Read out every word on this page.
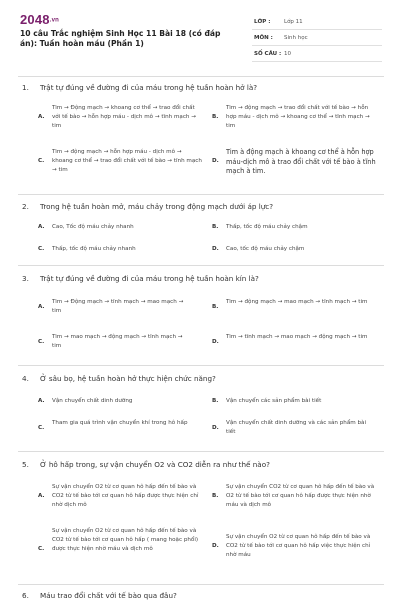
2048.vn
10 câu Trắc nghiệm Sinh Học 11 Bài 18 (có đáp án): Tuần hoàn máu (Phần 1)
LỚP : Lớp 11
MÔN : Sinh học
SỐ CÂU : 10
1. Trật tự đúng về đường đi của máu trong hệ tuần hoàn hở là?
A.
Tim → Động mạch → khoang cơ thể → trao đổi chất với tế bào → hỗn hợp máu - dịch mô → tĩnh mạch → tim
B.
Tim → động mạch → trao đổi chất với tế bào → hỗn hợp máu - dịch mô → khoang cơ thể → tĩnh mạch → tim
C.
Tim → động mạch → hỗn hợp máu - dịch mô → khoang cơ thể → trao đổi chất với tế bào → tĩnh mạch → tim
D.
Tim à động mạch à khoang cơ thể à hỗn hợp máu-dịch mô à trao đổi chất với tế bào à tĩnh mạch à tim.
2. Trong hệ tuần hoàn mở, máu chảy trong động mạch dưới áp lực?
A. Cao, Tốc độ máu chảy nhanh	B. Thấp, tốc độ máu chảy chậm
C. Thấp, tốc độ máu chảy nhanh	D. Cao, tốc độ máu chảy chậm
3. Trật tự đúng về đường đi của máu trong hệ tuần hoàn kín là?
A.
Tim → Động mạch → tĩnh mạch → mao mạch → tim
B.
Tim → động mạch → mao mạch → tĩnh mạch → tim
C.
Tim → mao mạch → động mạch → tĩnh mạch → tim
D.
Tim → tĩnh mạch → mao mạch → động mạch → tim
4. Ở sâu bọ, hệ tuần hoàn hở thực hiện chức năng?
A. Vận chuyển chất dinh dưỡng	B. Vận chuyển các sản phẩm bài tiết
C.
Tham gia quá trình vận chuyển khí trong hô hấp
D.
Vận chuyển chất dinh dưỡng và các sản phẩm bài tiết
5. Ở hô hấp trong, sự vận chuyển O2 và CO2 diễn ra như thế nào?
A.
Sự vận chuyển O2 từ cơ quan hô hấp đến tế bào và CO2 từ tế bào tới cơ quan hô hấp được thực hiện chỉ nhờ dịch mô
B.
Sự vận chuyển CO2 từ cơ quan hô hấp đến tế bào và O2 từ tế bào tới cơ quan hô hấp được thực hiện nhờ máu và dịch mô
C.
Sự vận chuyển O2 từ cơ quan hô hấp đến tế bào và CO2 từ tế bào tới cơ quan hô hấp ( mang hoặc phổi) được thực hiện nhờ máu và dịch mô
D.
Sự vận chuyển O2 từ cơ quan hô hấp đến tế bào và CO2 từ tế bào tới cơ quan hô hấp việc thực hiện chỉ nhờ máu
6. Máu trao đổi chất với tế bào qua đâu?
